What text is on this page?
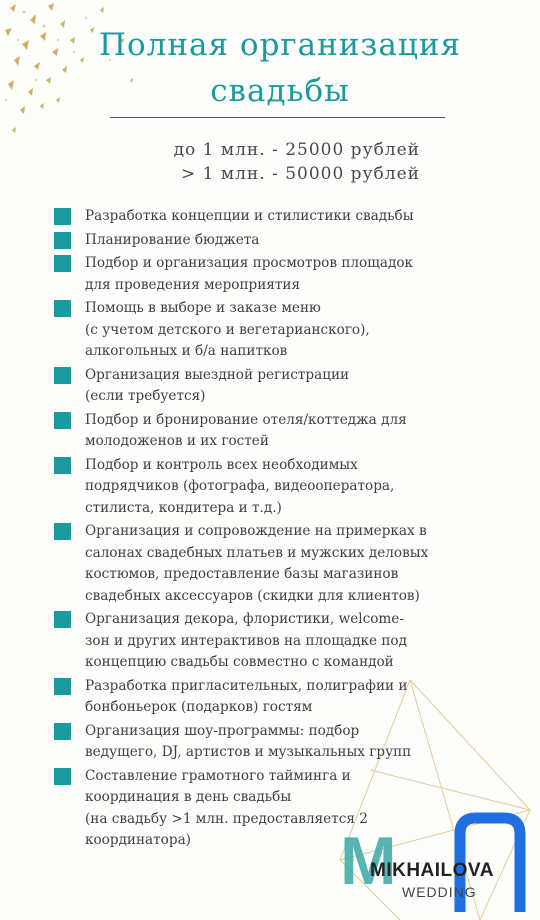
Полная организация
свадьбы
до 1 млн. - 25000 рублей
> 1 млн. - 50000 рублей
Разработка концепции и стилистики свадьбы
Планирование бюджета
Подбор и организация просмотров площадок
для проведения мероприятия
Помощь в выборе и заказе меню
(с учетом детского и вегетарианского),
алкогольных и б/а напитков
Организация выездной регистрации
(если требуется)
Подбор и бронирование отеля/коттеджа для
молодоженов и их гостей
Подбор и контроль всех необходимых
подрядчиков (фотографа, видеооператора,
стилиста, кондитера и т.д.)
Организация и сопровождение на примерках в
салонах свадебных платьев и мужских деловых
костюмов, предоставление базы магазинов
свадебных аксессуаров (скидки для клиентов)
Организация декора, флористики, welcome-
зон и других интерактивов на площадке под
концепцию свадьбы совместно с командой
Разработка пригласительных, полиграфии и
бонбоньерок (подарков) гостям
Организация шоу-программы: подбор
ведущего, DJ, артистов и музыкальных групп
Составление грамотного тайминга и
координация в день свадьбы
(на свадьбу >1 млн. предоставляется 2
координатора)	M
MIKHAILOVA
WEDDING
